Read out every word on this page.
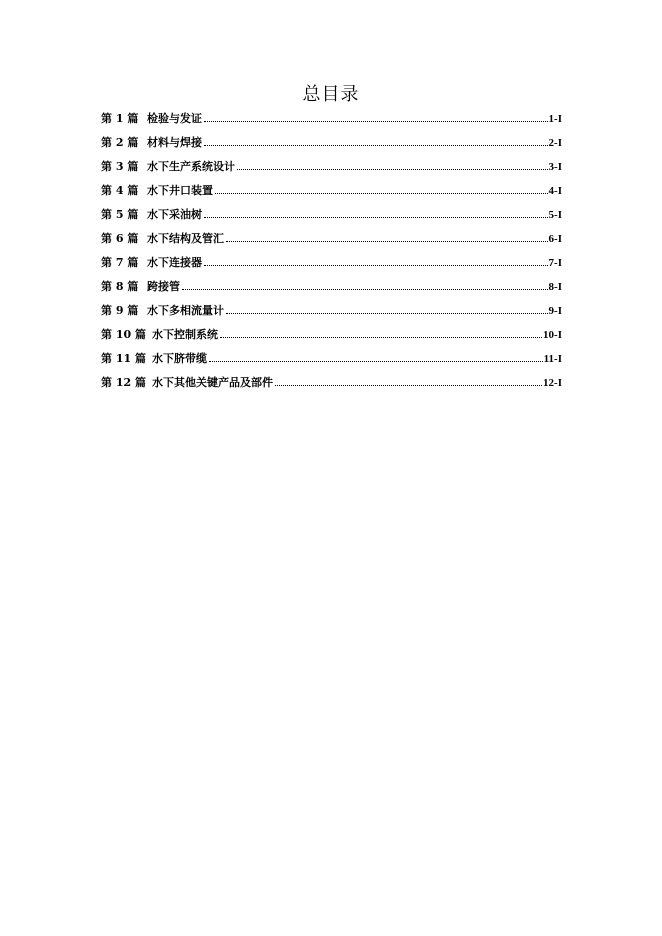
总目录
第 1 篇 检验与发证	1-I
第 2 篇 材料与焊接	2-I
第 3 篇 水下生产系统设计	3-I
第 4 篇 水下井口装置	4-I
第 5 篇 水下采油树	5-I
第 6 篇 水下结构及管汇	6-I
第 7 篇 水下连接器	7-I
第 8 篇 跨接管	8-I
第 9 篇 水下多相流量计	9-I
第 10 篇 水下控制系统	10-I
第 11 篇 水下脐带缆	11-I
第 12 篇 水下其他关键产品及部件	12-I
